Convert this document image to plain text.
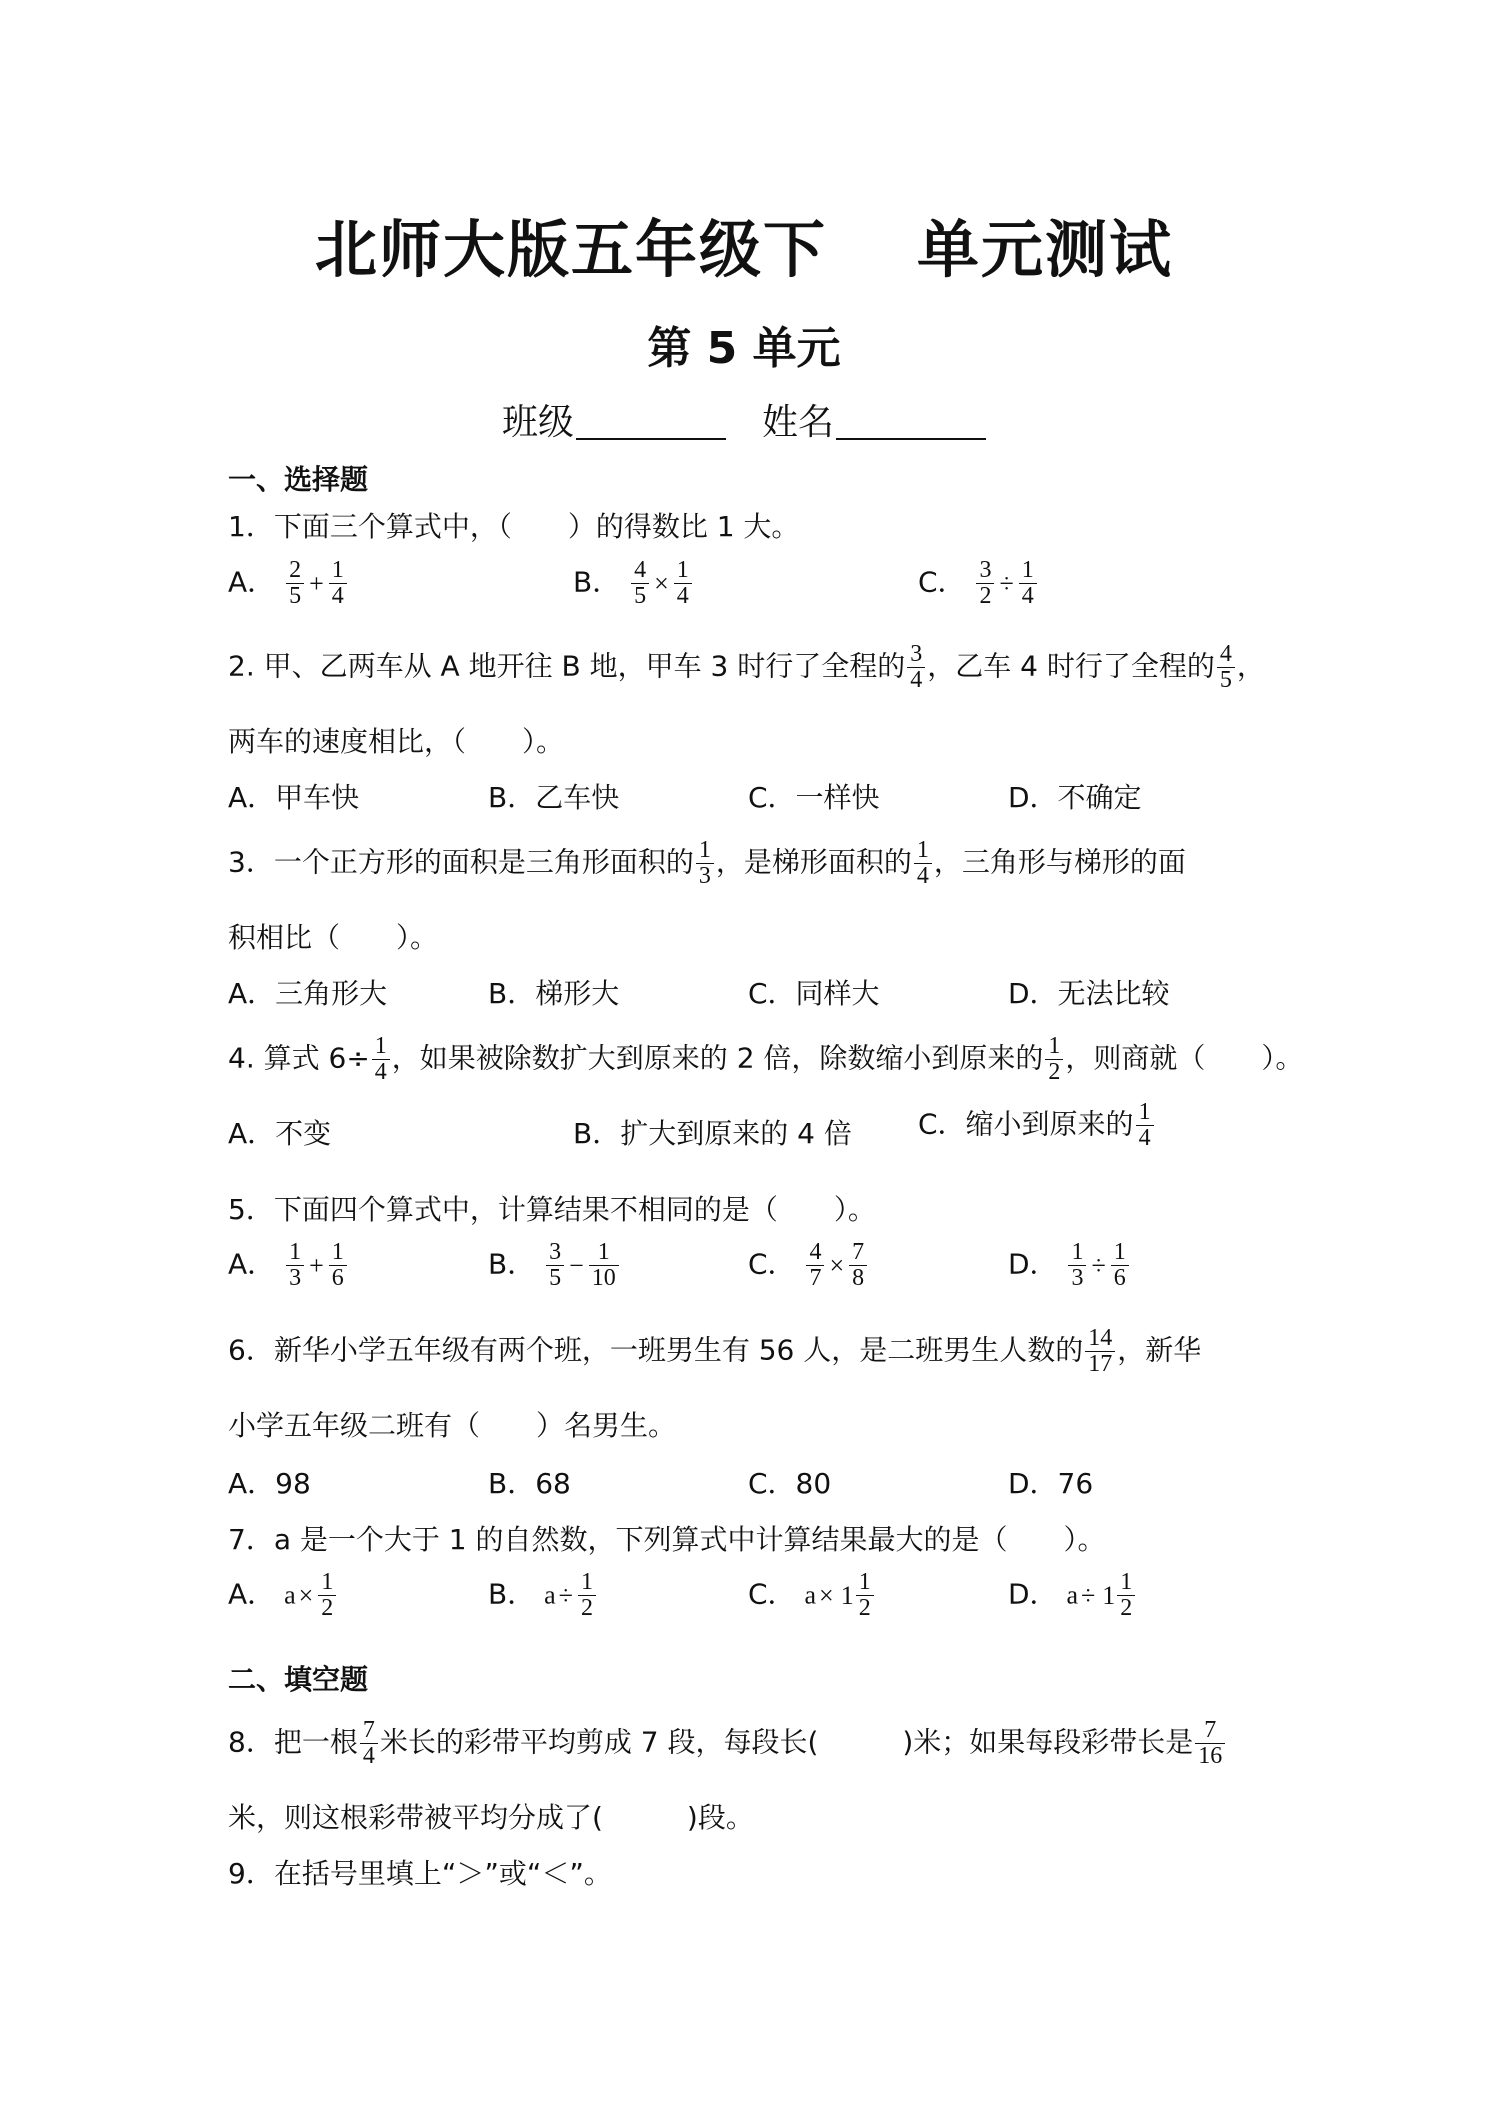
北师大版五年级下 单元测试
第 5 单元
班级	姓名
一、选择题
1．下面三个算式中，（　　）的得数比 1 大。
A． $\frac{2}{5} + \frac{1}{4}$	B． $\frac{4}{5} \times \frac{1}{4}$	C． $\frac{3}{2} \div \frac{1}{4}$
2. 甲、乙两车从 A 地开往 B 地，甲车 3 时行了全程的 $\frac{3}{4}$ ，乙车 4 时行了全程的 $\frac{4}{5}$ ，
两车的速度相比，（　　）。
A．甲车快	B．乙车快	C．一样快	D．不确定
3．一个正方形的面积是三角形面积的 $\frac{1}{3}$ ，是梯形面积的 $\frac{1}{4}$ ，三角形与梯形的面
积相比（　　）。
A．三角形大	B．梯形大	C．同样大	D．无法比较
4. 算式 $6\div \frac{1}{4}$ ，如果被除数扩大到原来的 2 倍，除数缩小到原来的 $\frac{1}{2}$ ，则商就（　　）。
A．不变	B．扩大到原来的 4 倍 C．缩小到原来的 $\frac{1}{4}$
5．下面四个算式中，计算结果不相同的是（　　）。
A． $\frac{1}{3} + \frac{1}{6}$	B． $\frac{3}{5} - \frac{1}{10}$	C． $\frac{4}{7} \times \frac{7}{8}$	D． $\frac{1}{3} \div \frac{1}{6}$
6．新华小学五年级有两个班，一班男生有 56 人，是二班男生人数的 $\frac{14}{17}$ ，新华
小学五年级二班有（　　）名男生。
A．98	B．68	C．80	D．76
7．a 是一个大于 1 的自然数，下列算式中计算结果最大的是（　　）。
A． $a \times \frac{1}{2}$	B． $a \div \frac{1}{2}$	C． $a \times 1 \frac{1}{2}$	D． $a \div 1 \frac{1}{2}$
二、填空题
8．把一根 $\frac{7}{4}$ 米长的彩带平均剪成 7 段，每段长(　　　)米；如果每段彩带长是 $\frac{7}{16}$
米，则这根彩带被平均分成了(　　　)段。
9．在括号里填上“＞”或“＜”。
